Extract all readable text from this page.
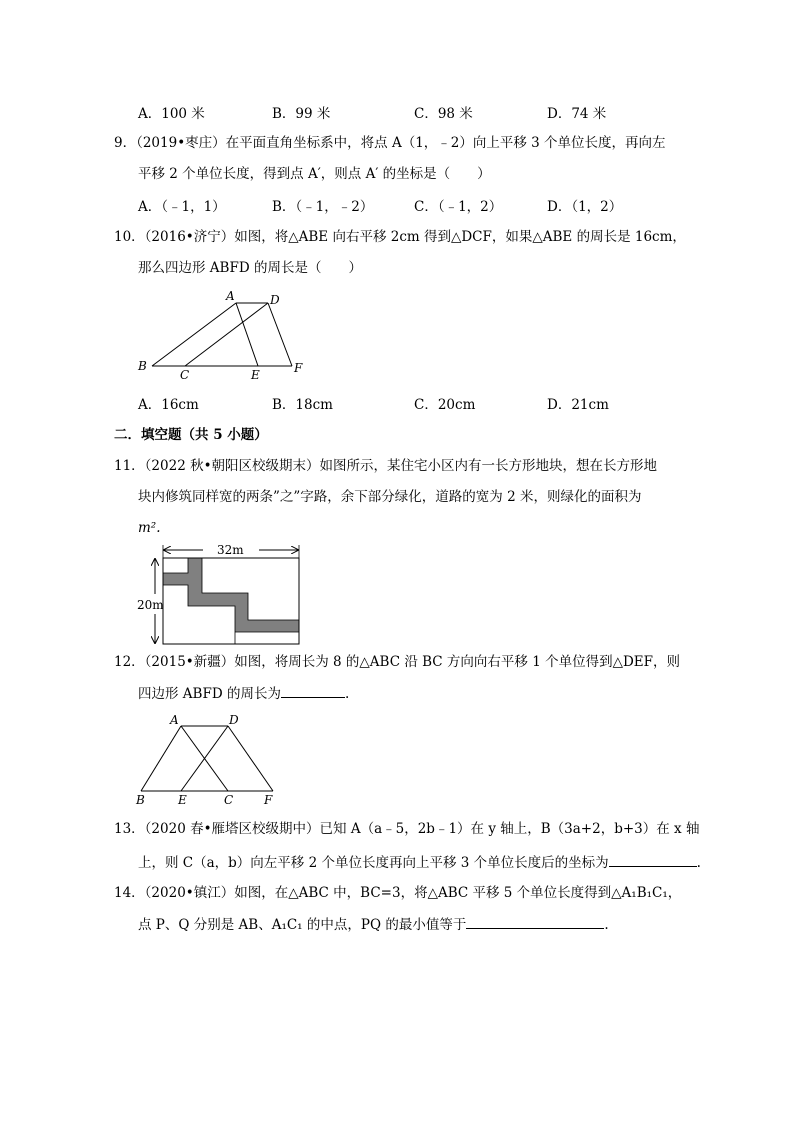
A．100 米	B．99 米	C．98 米	D．74 米
9．（2019•枣庄）在平面直角坐标系中，将点 A（1，﹣2）向上平移 3 个单位长度，再向左
平移 2 个单位长度，得到点 A′，则点 A′ 的坐标是（　　）
A．（﹣1，1）	B．（﹣1，﹣2）	C．（﹣1，2）	D．（1，2）
10．（2016•济宁）如图，将△ABE 向右平移 2cm 得到△DCF，如果△ABE 的周长是 16cm，
那么四边形 ABFD 的周长是（　　）
A	D
B
C	E	F
A．16cm	B．18cm	C．20cm	D．21cm
二．填空题（共 5 小题）
11．（2022 秋•朝阳区校级期末）如图所示，某住宅小区内有一长方形地块，想在长方形地
块内修筑同样宽的两条”之”字路，余下部分绿化，道路的宽为 2 米，则绿化的面积为
m².
32m
20m
12．（2015•新疆）如图，将周长为 8 的△ABC 沿 BC 方向向右平移 1 个单位得到△DEF，则
四边形 ABFD 的周长为	.
A	D
B	E	C	F
13．（2020 春•雁塔区校级期中）已知 A（a﹣5，2b﹣1）在 y 轴上，B（3a+2，b+3）在 x 轴
上，则 C（a，b）向左平移 2 个单位长度再向上平移 3 个单位长度后的坐标为	.
14．（2020•镇江）如图，在△ABC 中，BC=3，将△ABC 平移 5 个单位长度得到△A₁B₁C₁，
点 P、Q 分别是 AB、A₁C₁ 的中点，PQ 的最小值等于	.
